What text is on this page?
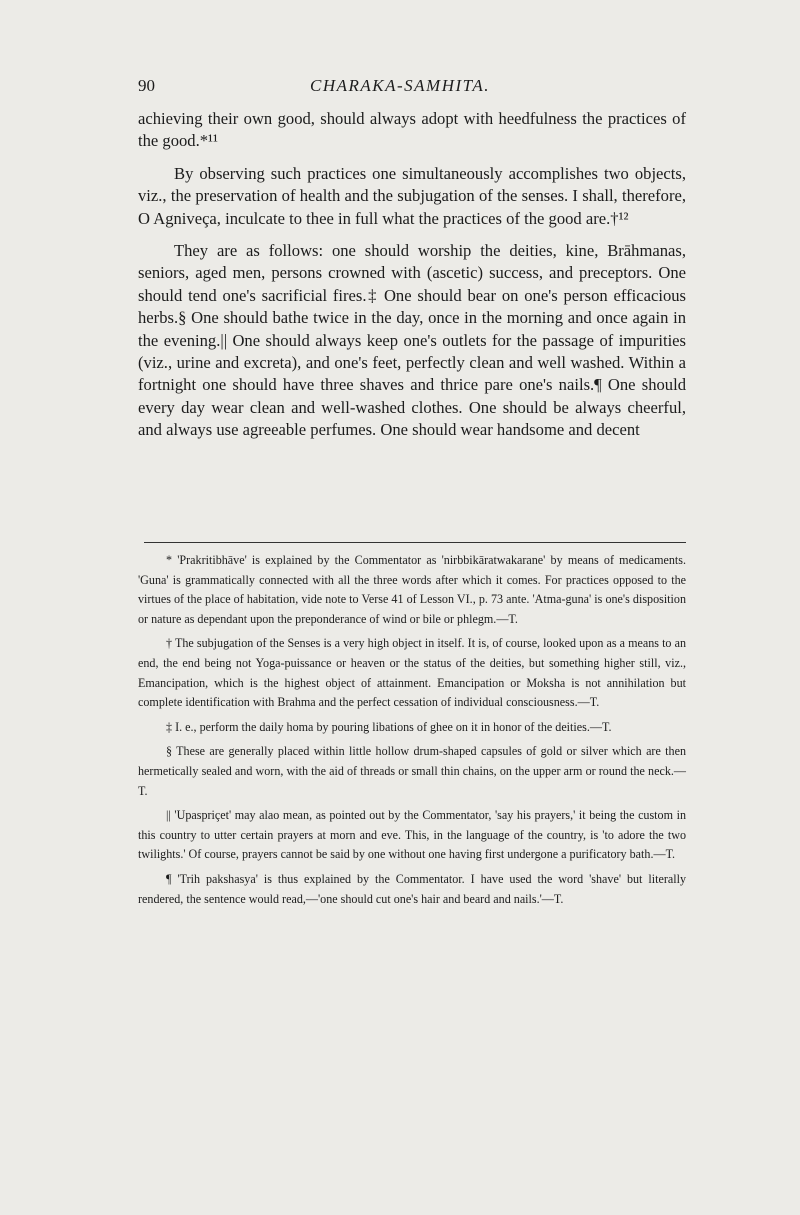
90	CHARAKA-SAMHITA.

achieving their own good, should always adopt with heedfulness the practices of the good.*¹¹

By observing such practices one simultaneously accomplishes two objects, viz., the preservation of health and the subjugation of the senses. I shall, therefore, O Agniveça, inculcate to thee in full what the practices of the good are.†¹²

They are as follows: one should worship the deities, kine, Brāhmanas, seniors, aged men, persons crowned with (ascetic) success, and preceptors. One should tend one's sacrificial fires.‡ One should bear on one's person efficacious herbs.§ One should bathe twice in the day, once in the morning and once again in the evening.|| One should always keep one's outlets for the passage of impurities (viz., urine and excreta), and one's feet, perfectly clean and well washed. Within a fortnight one should have three shaves and thrice pare one's nails.¶ One should every day wear clean and well-washed clothes. One should be always cheerful, and always use agreeable perfumes. One should wear handsome and decent

* 'Prakritibhāve' is explained by the Commentator as 'nirbbikāratwakarane' by means of medicaments. 'Guna' is grammatically connected with all the three words after which it comes. For practices opposed to the virtues of the place of habitation, vide note to Verse 41 of Lesson VI., p. 73 ante. 'Atma-guna' is one's disposition or nature as dependant upon the preponderance of wind or bile or phlegm.—T.

† The subjugation of the Senses is a very high object in itself. It is, of course, looked upon as a means to an end, the end being not Yoga-puissance or heaven or the status of the deities, but something higher still, viz., Emancipation, which is the highest object of attainment. Emancipation or Moksha is not annihilation but complete identification with Brahma and the perfect cessation of individual consciousness.—T.

‡ I. e., perform the daily homa by pouring libations of ghee on it in honor of the deities.—T.

§ These are generally placed within little hollow drum-shaped capsules of gold or silver which are then hermetically sealed and worn, with the aid of threads or small thin chains, on the upper arm or round the neck.—T.

|| 'Upaspriçet' may alao mean, as pointed out by the Commentator, 'say his prayers,' it being the custom in this country to utter certain prayers at morn and eve. This, in the language of the country, is 'to adore the two twilights.' Of course, prayers cannot be said by one without one having first undergone a purificatory bath.—T.

¶ 'Trih pakshasya' is thus explained by the Commentator. I have used the word 'shave' but literally rendered, the sentence would read,—'one should cut one's hair and beard and nails.'—T.
